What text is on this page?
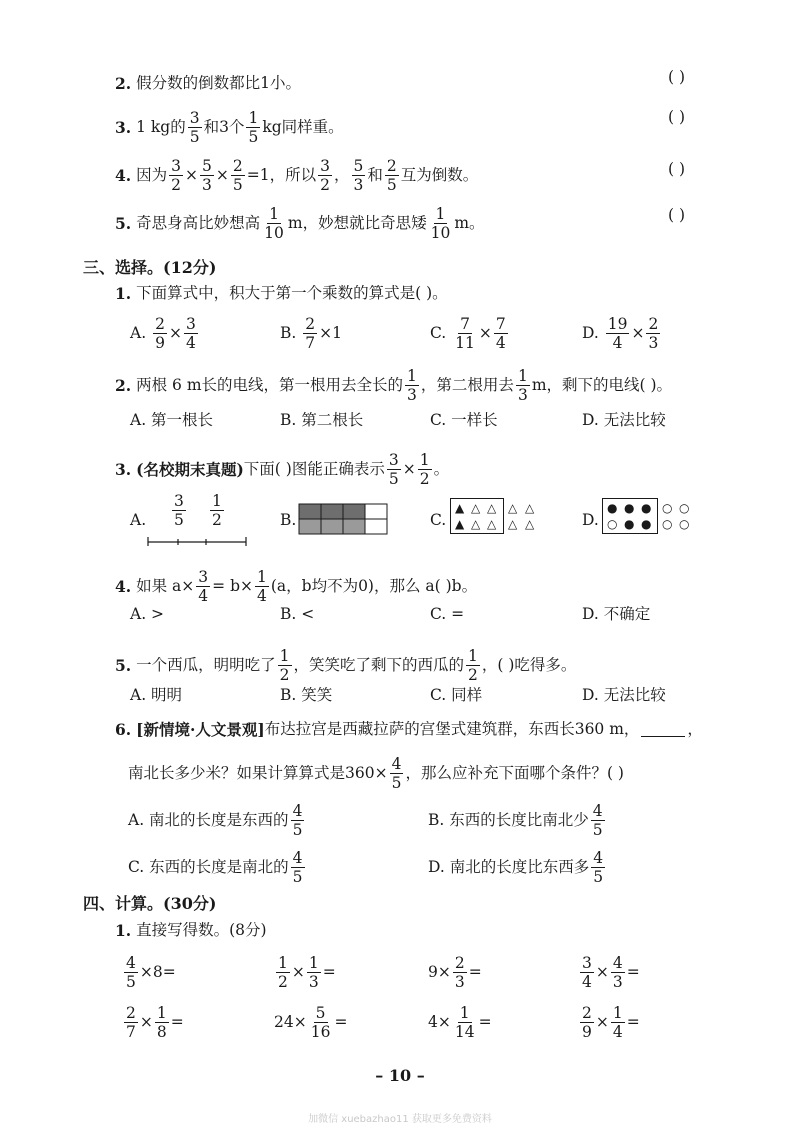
2.
假分数的倒数都比1小。	( )
3.
1 kg的 $\frac{3}{5}$ 和3个 $\frac{1}{5}$ kg同样重。
( )
4.
因为 $\frac{3}{2} \times \frac{5}{3} \times \frac{2}{5} =1$，所以 $\frac{3}{2}$ ， $\frac{5}{3}$ 和 $\frac{2}{5}$ 互为倒数。	( )
5.
奇思身高比妙想高 $\frac{1}{10}$ m，妙想就比奇思矮 $\frac{1}{10}$ m。	( )
三、选择。(12分)
1.
下面算式中，积大于第一个乘数的算式是( )。
A.
$\frac{2}{9} \times \frac{3}{4}$	B.
$\frac{2}{7} \times 1$	C.
$\frac{7}{11} \times \frac{7}{4}$	D.
$\frac{19}{4} \times \frac{2}{3}$
2.
两根 6 m长的电线，第一根用去全长的 $\frac{1}{3}$ ，第二根用去 $\frac{1}{3}$ m，剩下的电线( )。
A. 第一根长	B. 第二根长	C. 一样长	D. 无法比较
3.
(名校期末真题) 下面( )图能正确表示 $\frac{3}{5} \times \frac{1}{2}$ 。
A. $\frac{3}{5} \frac{1}{2}$	B.	C.
▲ △ △ △ △
▲ △ △ △ △	D.
● ● ● ○ ○
○ ● ● ○ ○
4.
如果 $a\times \frac{3}{4} = b\times \frac{1}{4} (a$，b均不为0)，那么 a( )b。
A. >	B. <	C. =	D. 不确定
5.
一个西瓜，明明吃了 $\frac{1}{2}$ ，笑笑吃了剩下的西瓜的 $\frac{1}{2}$ ，( )吃得多。
A. 明明	B. 笑笑	C. 同样	D. 无法比较
6.
[新情境·人文景观] 布达拉宫是西藏拉萨的宫堡式建筑群，东西长360 m，	，
南北长多少米？如果计算算式是$360\times \frac{4}{5}$ ，那么应补充下面哪个条件？( )
A. 南北的长度是东西的 $\frac{4}{5}$	B. 东西的长度比南北少 $\frac{4}{5}$
C. 东西的长度是南北的 $\frac{4}{5}$	D. 南北的长度比东西多 $\frac{4}{5}$
四、计算。(30分)
1.
直接写得数。(8分)
$\frac{4}{5} \times 8=$	$\frac{1}{2} \times \frac{1}{3}$ =	$9\times \frac{2}{3}$ =	$\frac{3}{4} \times \frac{4}{3}$ =
$\frac{2}{7} \times \frac{1}{8}$ =	$24\times \frac{5}{16}$ =	$4\times \frac{1}{14}$ =	$\frac{2}{9} \times \frac{1}{4}$ =
– 10 –
加微信 xuebazhao11 获取更多免费资料
